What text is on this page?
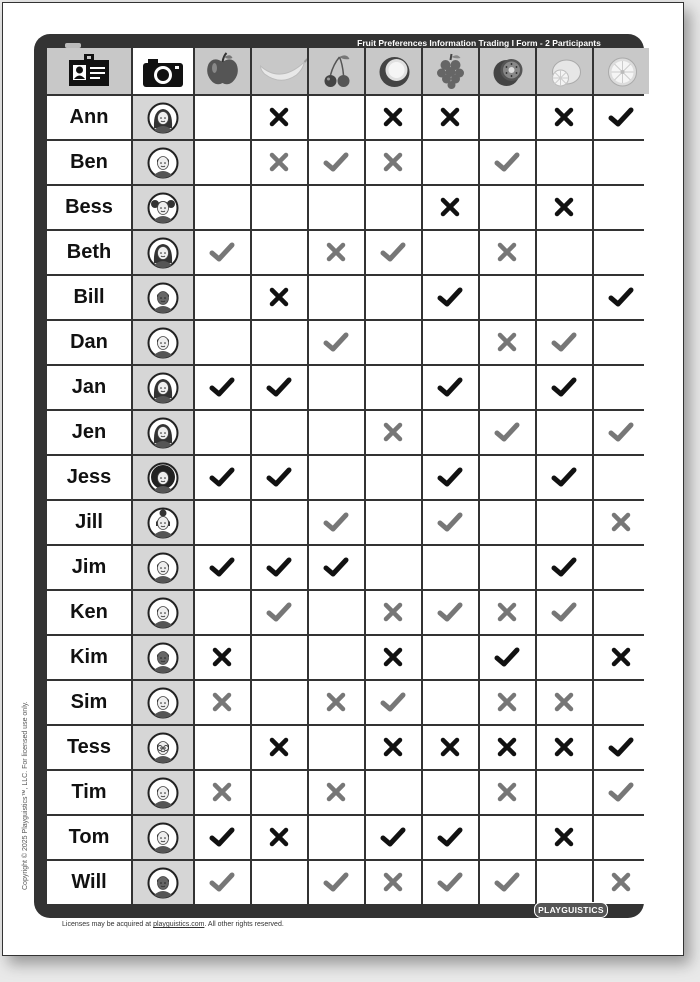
Fruit Preferences Information Trading I Form - 2 Participants
Ann
Ben
Bess
Beth
Bill
Dan
Jan
Jen
Jess
Jill
Jim
Ken
Kim
Sim
Tess
Tim
Tom
Will
Copyright © 2025 Playguistics™, LLC. For licensed use only.
Licenses may be acquired at playguistics.com. All other rights reserved.
PLAYGUISTICS
